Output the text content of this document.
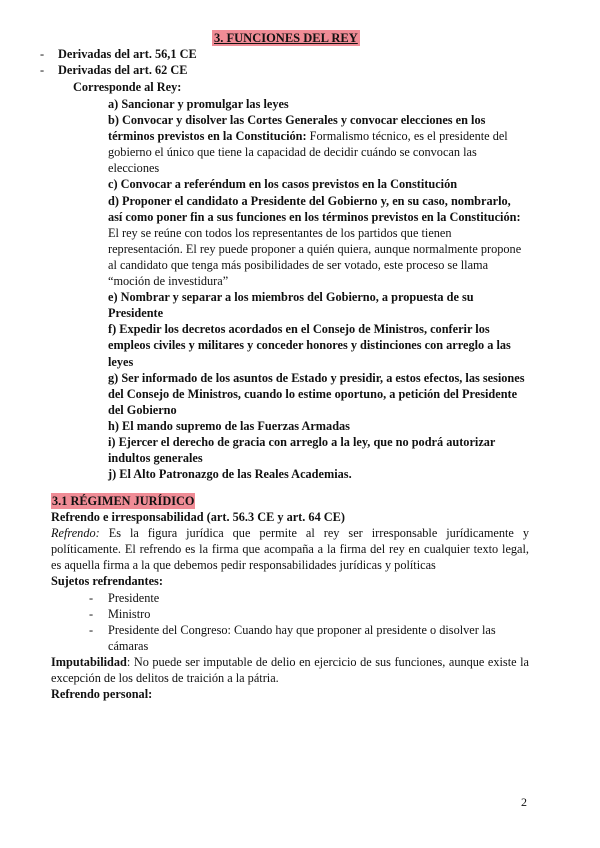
3. FUNCIONES DEL REY
- Derivadas del art. 56,1 CE
- Derivadas del art. 62 CE
Corresponde al Rey:

a) Sancionar y promulgar las leyes

b) Convocar y disolver las Cortes Generales y convocar elecciones en los términos previstos en la Constitución: Formalismo técnico, es el presidente del gobierno el único que tiene la capacidad de decidir cuándo se convocan las elecciones

c) Convocar a referéndum en los casos previstos en la Constitución

d) Proponer el candidato a Presidente del Gobierno y, en su caso, nombrarlo, así como poner fin a sus funciones en los términos previstos en la Constitución: El rey se reúne con todos los representantes de los partidos que tienen representación. El rey puede proponer a quién quiera, aunque normalmente propone al candidato que tenga más posibilidades de ser votado, este proceso se llama “moción de investidura”

e) Nombrar y separar a los miembros del Gobierno, a propuesta de su Presidente

f) Expedir los decretos acordados en el Consejo de Ministros, conferir los empleos civiles y militares y conceder honores y distinciones con arreglo a las leyes

g) Ser informado de los asuntos de Estado y presidir, a estos efectos, las sesiones del Consejo de Ministros, cuando lo estime oportuno, a petición del Presidente del Gobierno

h) El mando supremo de las Fuerzas Armadas

i) Ejercer el derecho de gracia con arreglo a la ley, que no podrá autorizar indultos generales

j) El Alto Patronazgo de las Reales Academias.

3.1 RÉGIMEN JURÍDICO

Refrendo e irresponsabilidad (art. 56.3 CE y art. 64 CE)

Refrendo: Es la figura jurídica que permite al rey ser irresponsable jurídicamente y políticamente. El refrendo es la firma que acompaña a la firma del rey en cualquier texto legal, es aquella firma a la que debemos pedir responsabilidades jurídicas y políticas

Sujetos refrendantes:

- Presidente
- Ministro
- Presidente del Congreso: Cuando hay que proponer al presidente o disolver las cámaras

Imputabilidad: No puede ser imputable de delio en ejercicio de sus funciones, aunque existe la excepción de los delitos de traición a la pátria.

Refrendo personal:

2
